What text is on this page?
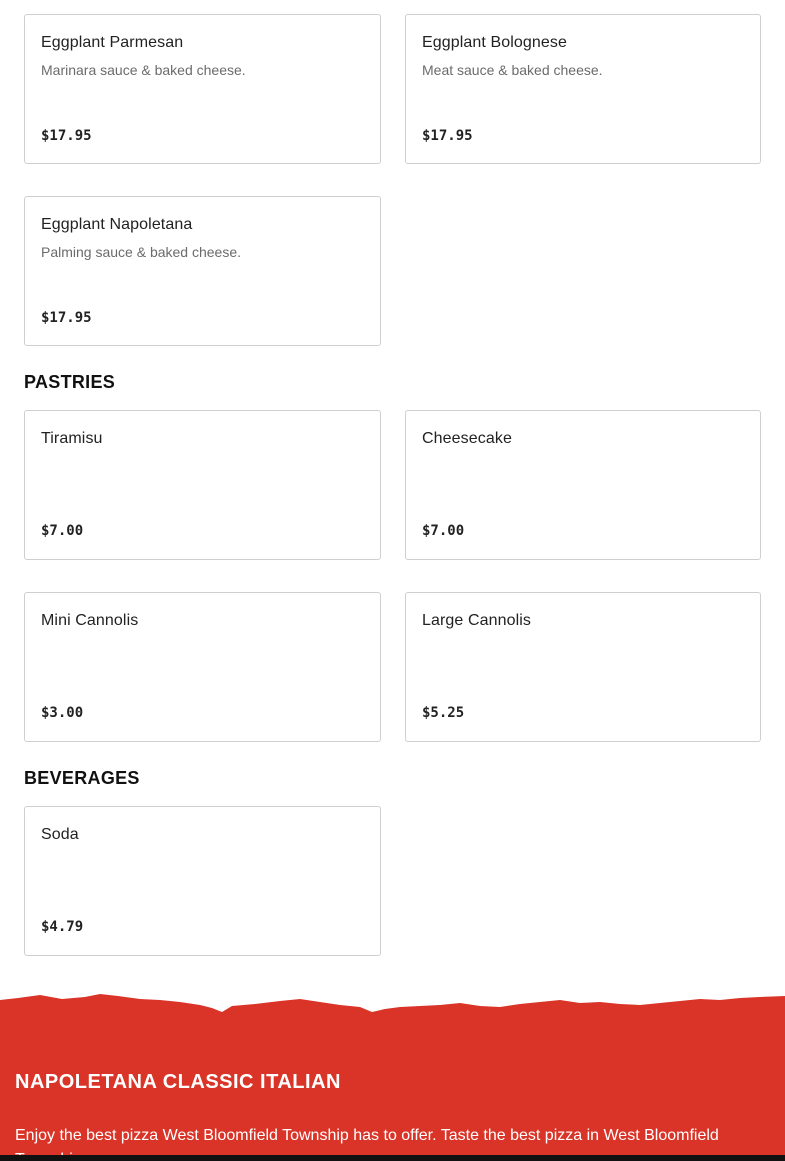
Eggplant Parmesan
Marinara sauce & baked cheese.
$17.95
Eggplant Bolognese
Meat sauce & baked cheese.
$17.95
Eggplant Napoletana
Palming sauce & baked cheese.
$17.95
PASTRIES
Tiramisu
$7.00
Cheesecake
$7.00
Mini Cannolis
$3.00
Large Cannolis
$5.25
BEVERAGES
Soda
$4.79
NAPOLETANA CLASSIC ITALIAN

Enjoy the best pizza West Bloomfield Township has to offer. Taste the best pizza in West Bloomfield
